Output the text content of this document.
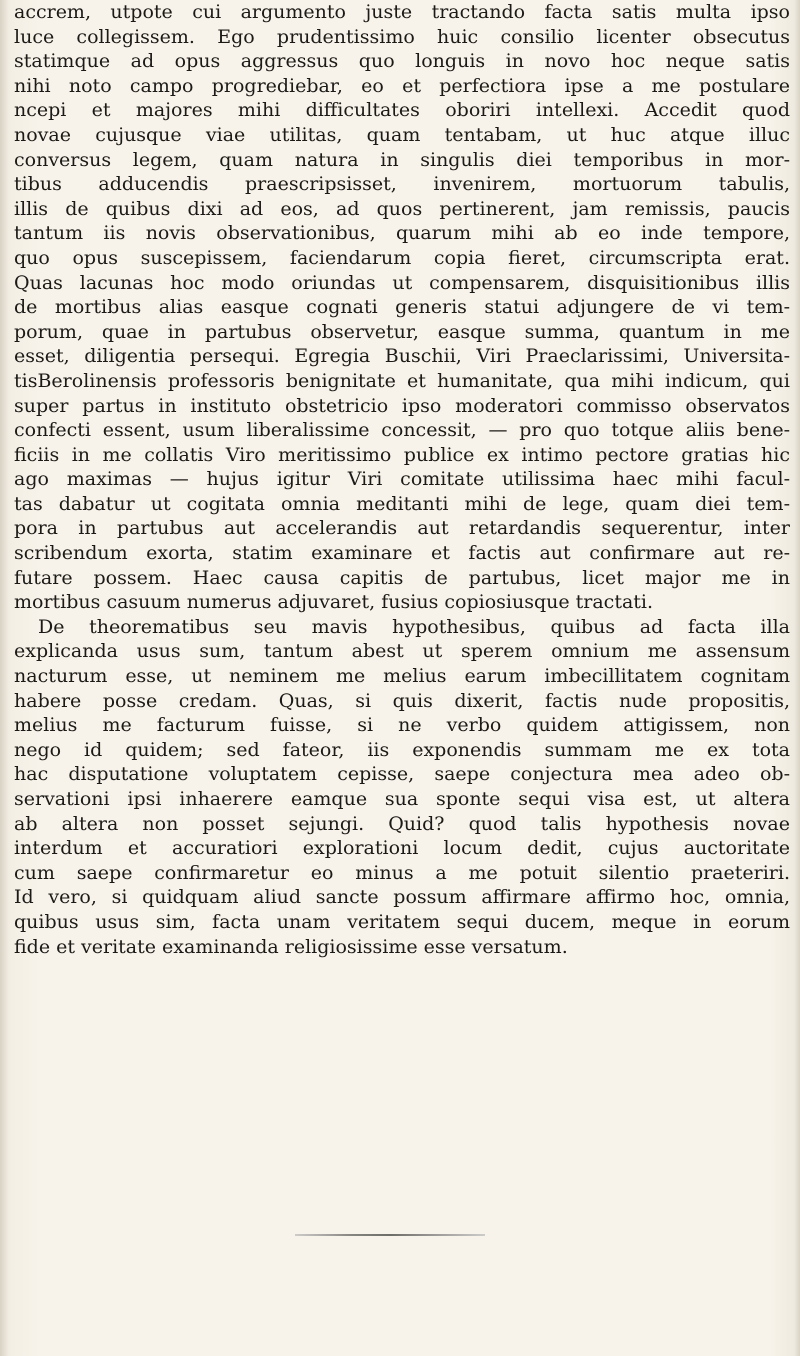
accrem, utpote cui argumento juste tractando facta satis multa ipso
luce collegissem. Ego prudentissimo huic consilio licenter obsecutus
statimque ad opus aggressus quo longuis in novo hoc neque satis
nihi noto campo progrediebar, eo et perfectiora ipse a me postulare
ncepi et majores mihi difficultates oboriri intellexi. Accedit quod
novae cujusque viae utilitas, quam tentabam, ut huc atque illuc
conversus legem, quam natura in singulis diei temporibus in mor-
tibus adducendis praescripsisset, invenirem, mortuorum tabulis,
illis de quibus dixi ad eos, ad quos pertinerent, jam remissis, paucis
tantum iis novis observationibus, quarum mihi ab eo inde tempore,
quo opus suscepissem, faciendarum copia fieret, circumscripta erat.
Quas lacunas hoc modo oriundas ut compensarem, disquisitionibus illis
de mortibus alias easque cognati generis statui adjungere de vi tem-
porum, quae in partubus observetur, easque summa, quantum in me
esset, diligentia persequi. Egregia Buschii, Viri Praeclarissimi, Universita-
tisBerolinensis professoris benignitate et humanitate, qua mihi indicum, qui
super partus in instituto obstetricio ipso moderatori commisso observatos
confecti essent, usum liberalissime concessit, — pro quo totque aliis bene-
ficiis in me collatis Viro meritissimo publice ex intimo pectore gratias hic
ago maximas — hujus igitur Viri comitate utilissima haec mihi facul-
tas dabatur ut cogitata omnia meditanti mihi de lege, quam diei tem-
pora in partubus aut accelerandis aut retardandis sequerentur, inter
scribendum exorta, statim examinare et factis aut confirmare aut re-
futare possem. Haec causa capitis de partubus, licet major me in
mortibus casuum numerus adjuvaret, fusius copiosiusque tractati.
De theorematibus seu mavis hypothesibus, quibus ad facta illa
explicanda usus sum, tantum abest ut sperem omnium me assensum
nacturum esse, ut neminem me melius earum imbecillitatem cognitam
habere posse credam. Quas, si quis dixerit, factis nude propositis,
melius me facturum fuisse, si ne verbo quidem attigissem, non
nego id quidem; sed fateor, iis exponendis summam me ex tota
hac disputatione voluptatem cepisse, saepe conjectura mea adeo ob-
servationi ipsi inhaerere eamque sua sponte sequi visa est, ut altera
ab altera non posset sejungi. Quid? quod talis hypothesis novae
interdum et accuratiori explorationi locum dedit, cujus auctoritate
cum saepe confirmaretur eo minus a me potuit silentio praeteriri.
Id vero, si quidquam aliud sancte possum affirmare affirmo hoc, omnia,
quibus usus sim, facta unam veritatem sequi ducem, meque in eorum
fide et veritate examinanda religiosissime esse versatum.
